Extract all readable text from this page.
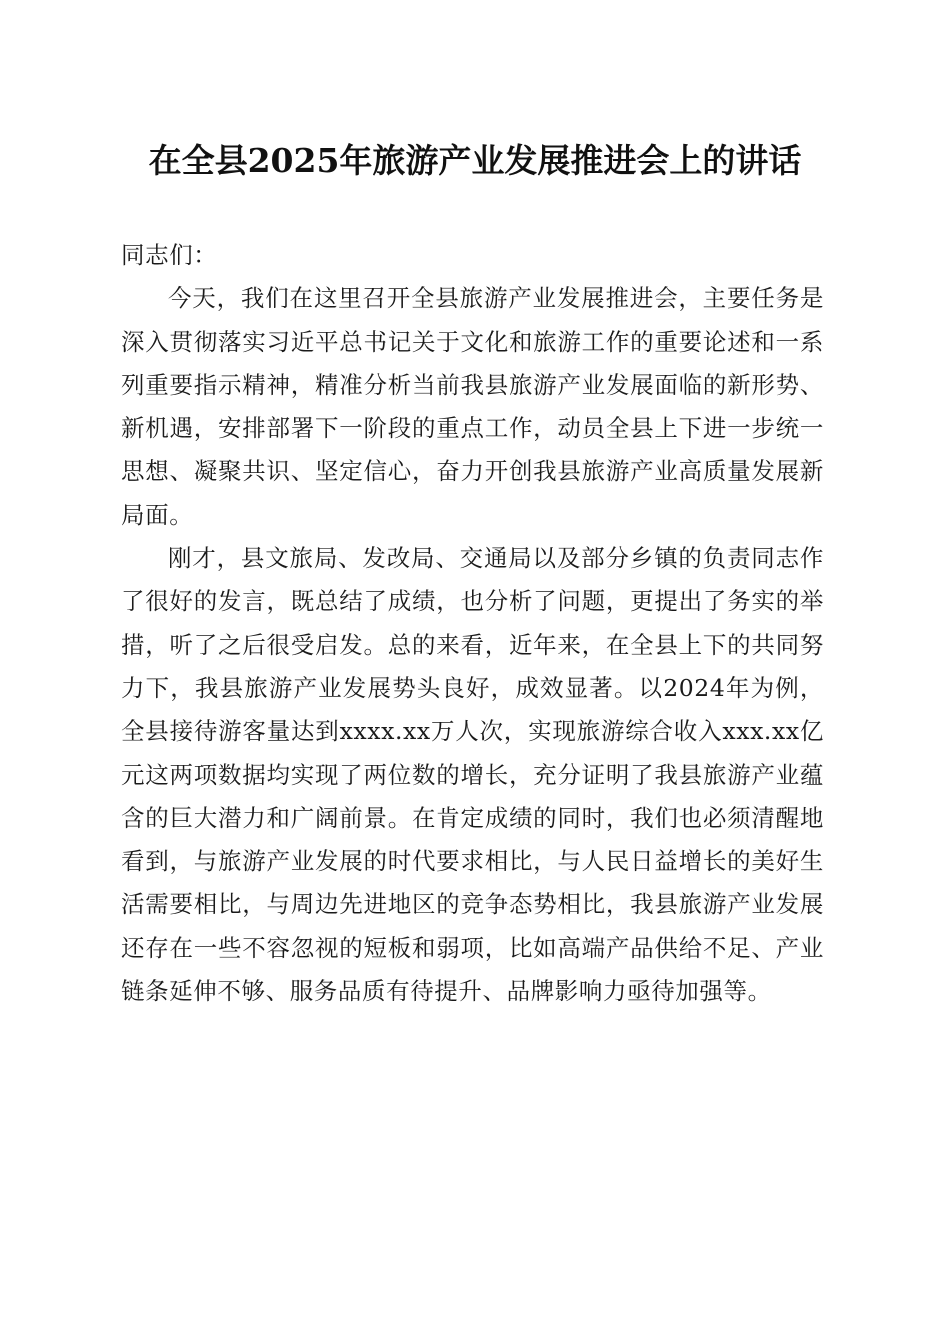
在全县2025年旅游产业发展推进会上的讲话

同志们：

今天，我们在这里召开全县旅游产业发展推进会，主要任务是深入贯彻落实习近平总书记关于文化和旅游工作的重要论述和一系列重要指示精神，精准分析当前我县旅游产业发展面临的新形势、新机遇，安排部署下一阶段的重点工作，动员全县上下进一步统一思想、凝聚共识、坚定信心，奋力开创我县旅游产业高质量发展新局面。

刚才，县文旅局、发改局、交通局以及部分乡镇的负责同志作了很好的发言，既总结了成绩，也分析了问题，更提出了务实的举措，听了之后很受启发。总的来看，近年来，在全县上下的共同努力下，我县旅游产业发展势头良好，成效显著。以2024年为例，全县接待游客量达到xxxx.xx万人次，实现旅游综合收入xxx.xx亿元这两项数据均实现了两位数的增长，充分证明了我县旅游产业蕴含的巨大潜力和广阔前景。在肯定成绩的同时，我们也必须清醒地看到，与旅游产业发展的时代要求相比，与人民日益增长的美好生活需要相比，与周边先进地区的竞争态势相比，我县旅游产业发展还存在一些不容忽视的短板和弱项，比如高端产品供给不足、产业链条延伸不够、服务品质有待提升、品牌影响力亟待加强等。
